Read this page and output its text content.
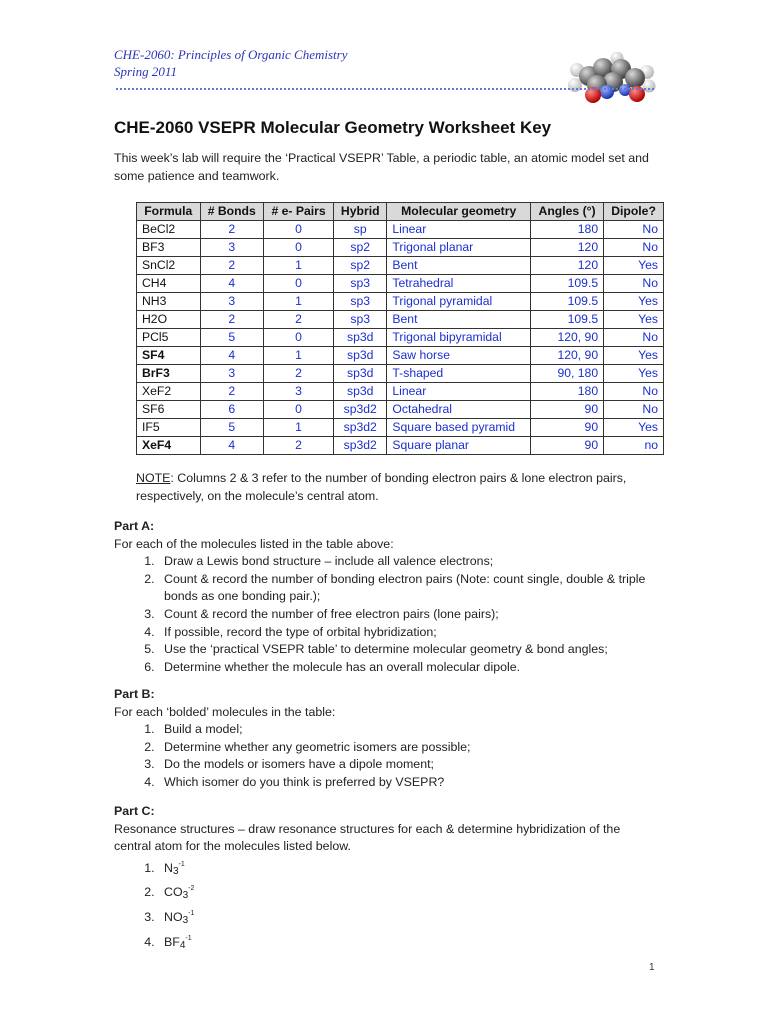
CHE-2060: Principles of Organic Chemistry
Spring 2011
CHE-2060 VSEPR Molecular Geometry Worksheet Key
This week’s lab will require the ‘Practical VSEPR’ Table, a periodic table, an atomic model set and some patience and teamwork.
Formula	# Bonds	# e- Pairs	Hybrid	Molecular geometry	Angles (°)	Dipole?
BeCl2	2	0	sp	Linear	180	No
BF3	3	0	sp2	Trigonal planar	120	No
SnCl2	2	1	sp2	Bent	120	Yes
CH4	4	0	sp3	Tetrahedral	109.5	No
NH3	3	1	sp3	Trigonal pyramidal	109.5	Yes
H2O	2	2	sp3	Bent	109.5	Yes
PCl5	5	0	sp3d	Trigonal bipyramidal	120, 90	No
SF4	4	1	sp3d	Saw horse	120, 90	Yes
BrF3	3	2	sp3d	T-shaped	90, 180	Yes
XeF2	2	3	sp3d	Linear	180	No
SF6	6	0	sp3d2	Octahedral	90	No
IF5	5	1	sp3d2	Square based pyramid	90	Yes
XeF4	4	2	sp3d2	Square planar	90	no
NOTE: Columns 2 & 3 refer to the number of bonding electron pairs & lone electron pairs, respectively, on the molecule’s central atom.
Part A:
For each of the molecules listed in the table above:
1. Draw a Lewis bond structure – include all valence electrons;
2. Count & record the number of bonding electron pairs (Note: count single, double & triple bonds as one bonding pair.);
3. Count & record the number of free electron pairs (lone pairs);
4. If possible, record the type of orbital hybridization;
5. Use the ‘practical VSEPR table’ to determine molecular geometry & bond angles;
6. Determine whether the molecule has an overall molecular dipole.
Part B:
For each ‘bolded’ molecules in the table:
1. Build a model;
2. Determine whether any geometric isomers are possible;
3. Do the models or isomers have a dipole moment;
4. Which isomer do you think is preferred by VSEPR?
Part C:
Resonance structures – draw resonance structures for each & determine hybridization of the central atom for the molecules listed below.
1. $N_3^{-1}$
2. $CO_3^{-2}$
3. $NO_3^{-1}$
4. $BF_4^{-1}$
1
